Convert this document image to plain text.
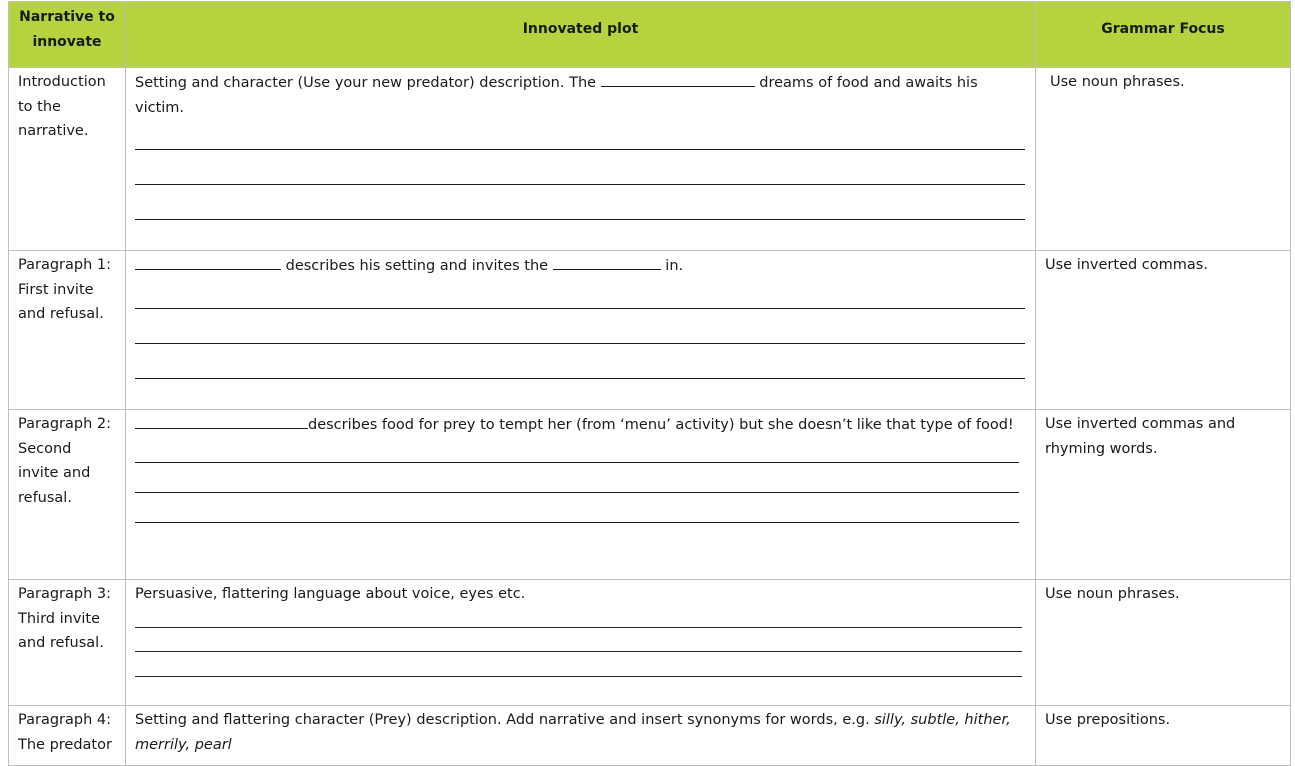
Narrative to innovate	Innovated plot	Grammar Focus
Introduction to the narrative.	Setting and character (Use your new predator) description. The dreams of food and awaits his victim.	Use noun phrases.
Paragraph 1: First invite and refusal.	describes his setting and invites the in.	Use inverted commas.
Paragraph 2: Second invite and refusal.	describes food for prey to tempt her (from ‘menu’ activity) but she doesn’t like that type of food!	Use inverted commas and rhyming words.
Paragraph 3: Third invite and refusal.	Persuasive, flattering language about voice, eyes etc.	Use noun phrases.
Paragraph 4: The predator	Setting and flattering character (Prey) description. Add narrative and insert synonyms for words, e.g. silly, subtle, hither, merrily, pearl	Use prepositions.
